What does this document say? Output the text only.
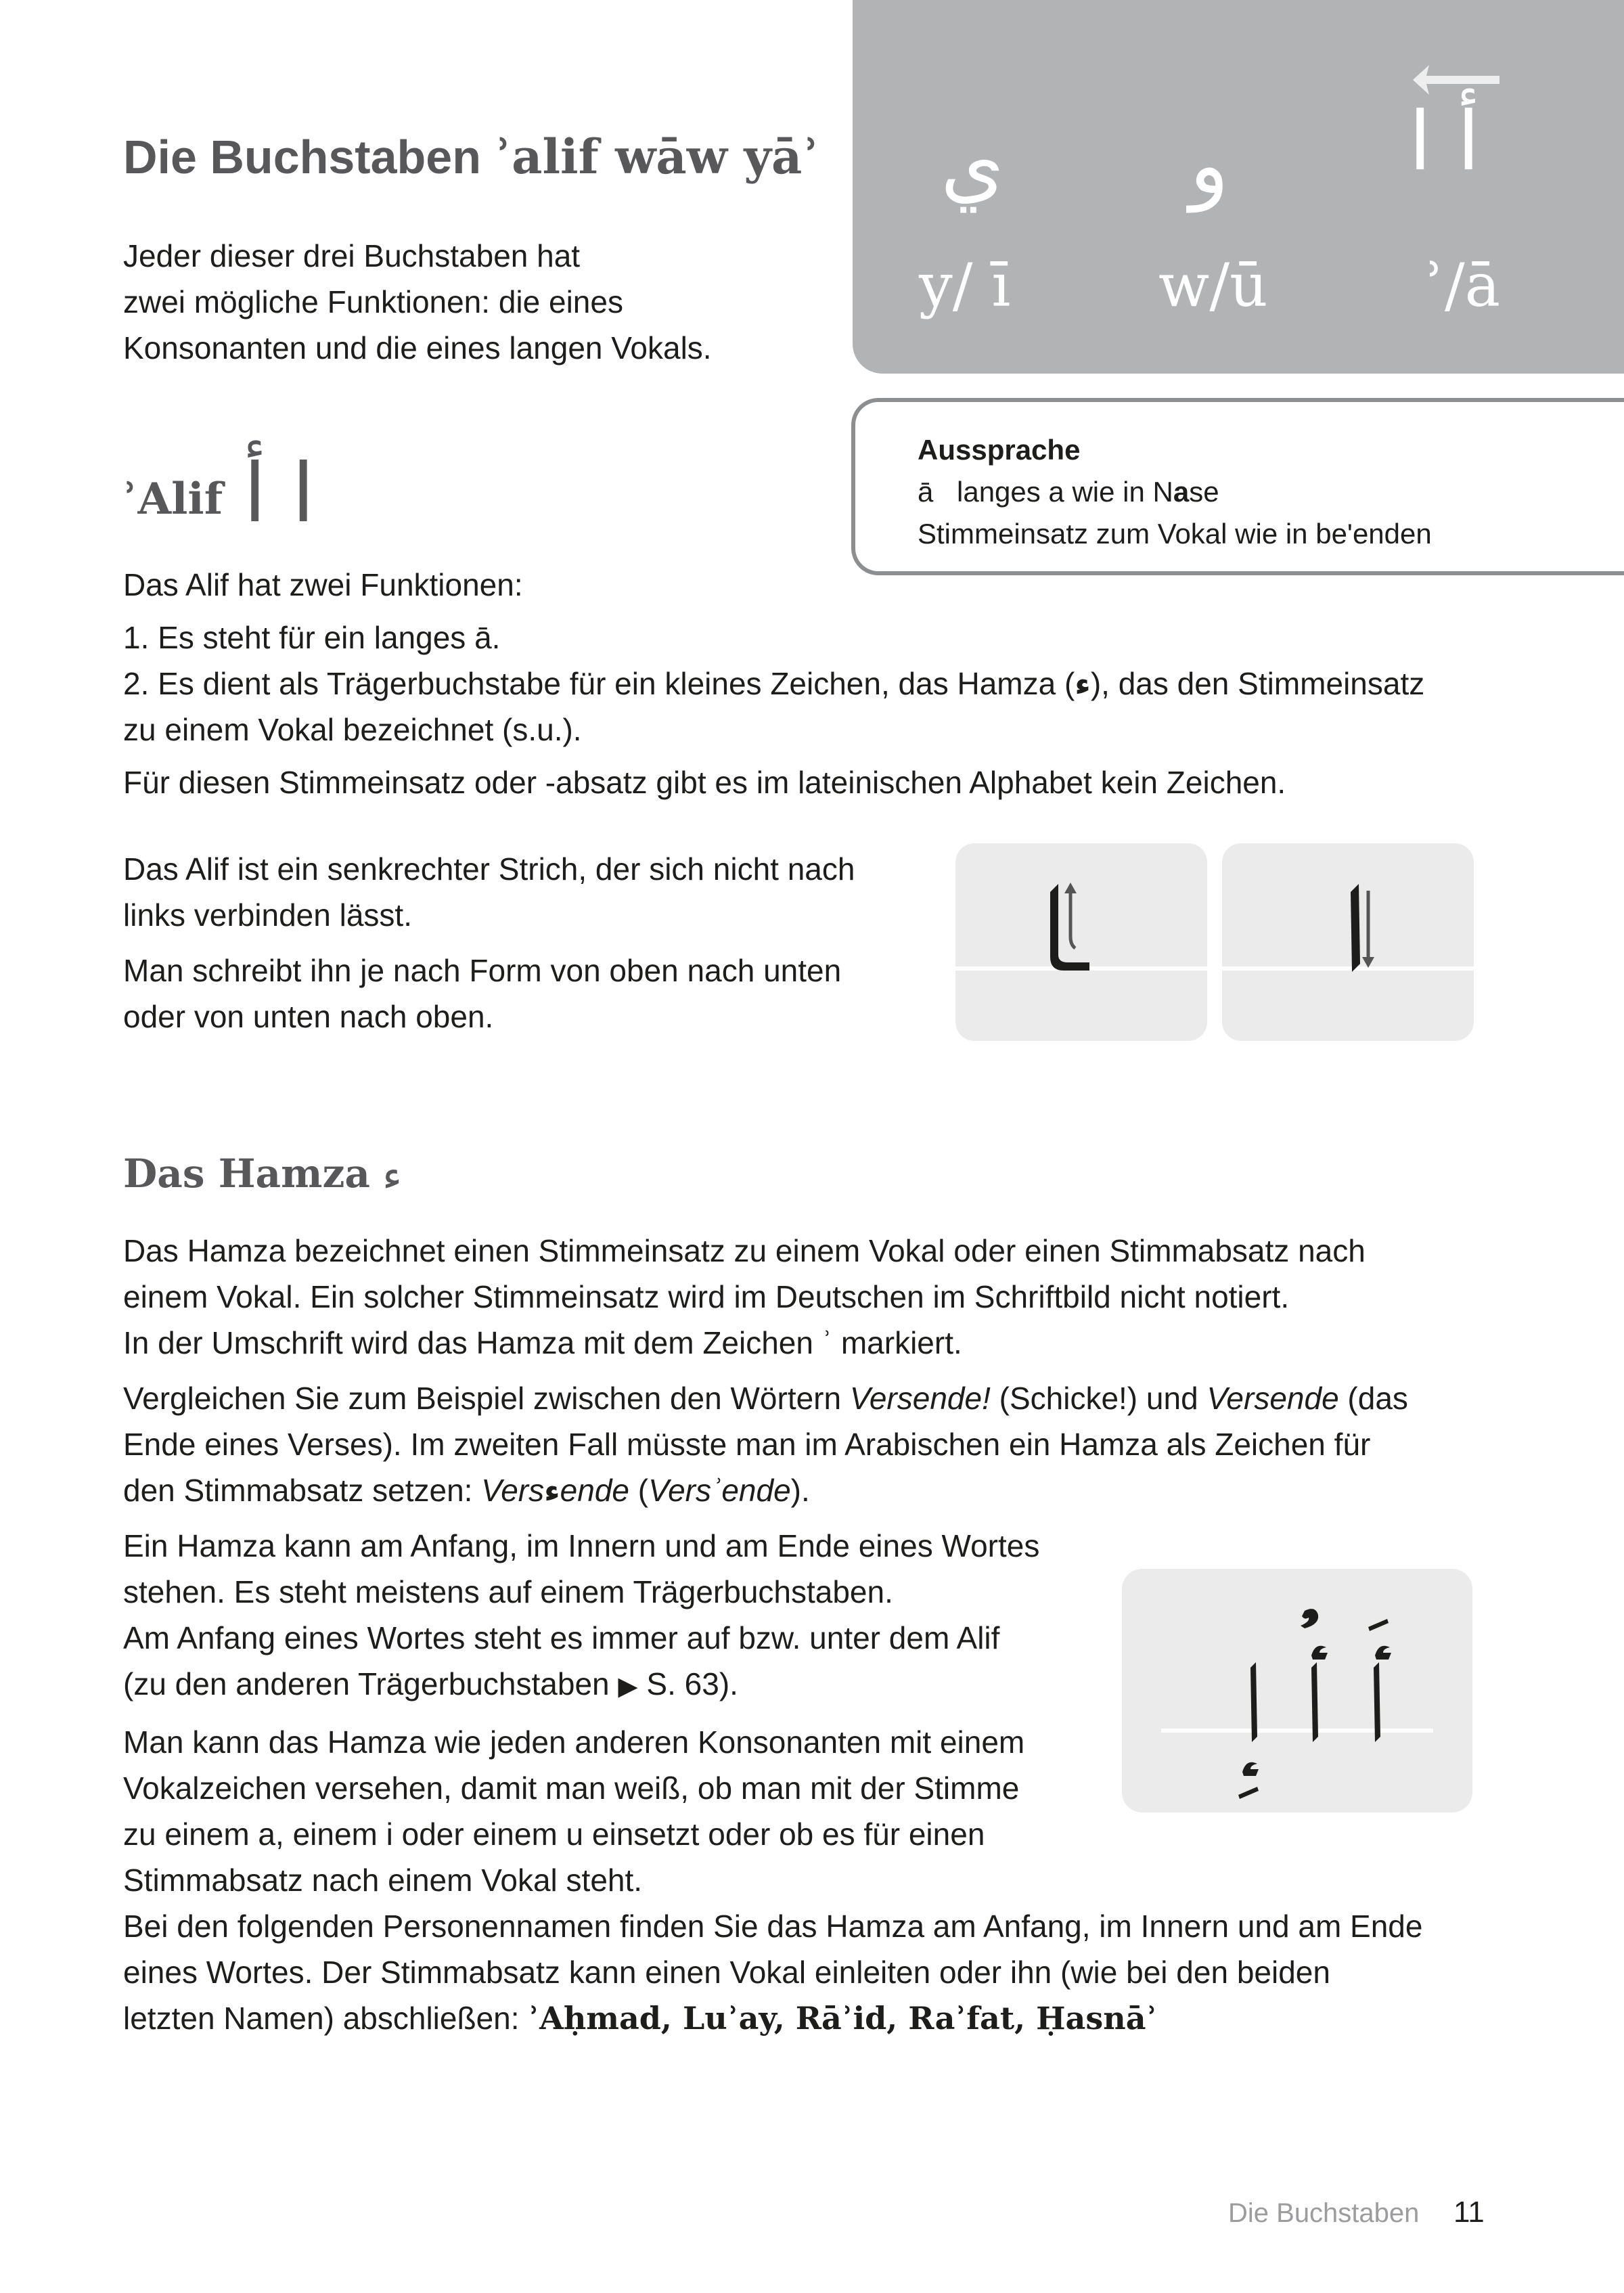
Die Buchstaben ʾalif wāw yāʾ

Jeder dieser drei Buchstaben hat

zwei mögliche Funktionen: die eines

Konsonanten und die eines langen Vokals.

أ ا
و
ي
ʾ/ā
w/ū
y/ ī
Aussprache
ā langes a wie in Nase
Stimmeinsatz zum Vokal wie in be'enden
ʾAlif ا أ

Das Alif hat zwei Funktionen:

1. Es steht für ein langes ā.

2. Es dient als Trägerbuchstabe für ein kleines Zeichen, das Hamza (ء), das den Stimmeinsatz

zu einem Vokal bezeichnet (s.u.).

Für diesen Stimmeinsatz oder -absatz gibt es im lateinischen Alphabet kein Zeichen.

Das Alif ist ein senkrechter Strich, der sich nicht nach

links verbinden lässt.

Man schreibt ihn je nach Form von oben nach unten

oder von unten nach oben.

Das Hamza ء

Das Hamza bezeichnet einen Stimmeinsatz zu einem Vokal oder einen Stimmabsatz nach

einem Vokal. Ein solcher Stimmeinsatz wird im Deutschen im Schriftbild nicht notiert.

In der Umschrift wird das Hamza mit dem Zeichen ʾ markiert.

Vergleichen Sie zum Beispiel zwischen den Wörtern Versende! (Schicke!) und Versende (das

Ende eines Verses). Im zweiten Fall müsste man im Arabischen ein Hamza als Zeichen für

den Stimmabsatz setzen: Versءende (Versʾende).

Ein Hamza kann am Anfang, im Innern und am Ende eines Wortes

stehen. Es steht meistens auf einem Trägerbuchstaben.

Am Anfang eines Wortes steht es immer auf bzw. unter dem Alif

(zu den anderen Trägerbuchstaben ▶ S. 63).

Man kann das Hamza wie jeden anderen Konsonanten mit einem

Vokalzeichen versehen, damit man weiß, ob man mit der Stimme

zu einem a, einem i oder einem u einsetzt oder ob es für einen

Stimmabsatz nach einem Vokal steht.

Bei den folgenden Personennamen finden Sie das Hamza am Anfang, im Innern und am Ende

eines Wortes. Der Stimmabsatz kann einen Vokal einleiten oder ihn (wie bei den beiden

letzten Namen) abschließen: ʾAḥmad, Luʾay, Rāʾid, Raʾfat, Ḥasnāʾ

Die Buchstaben 11
